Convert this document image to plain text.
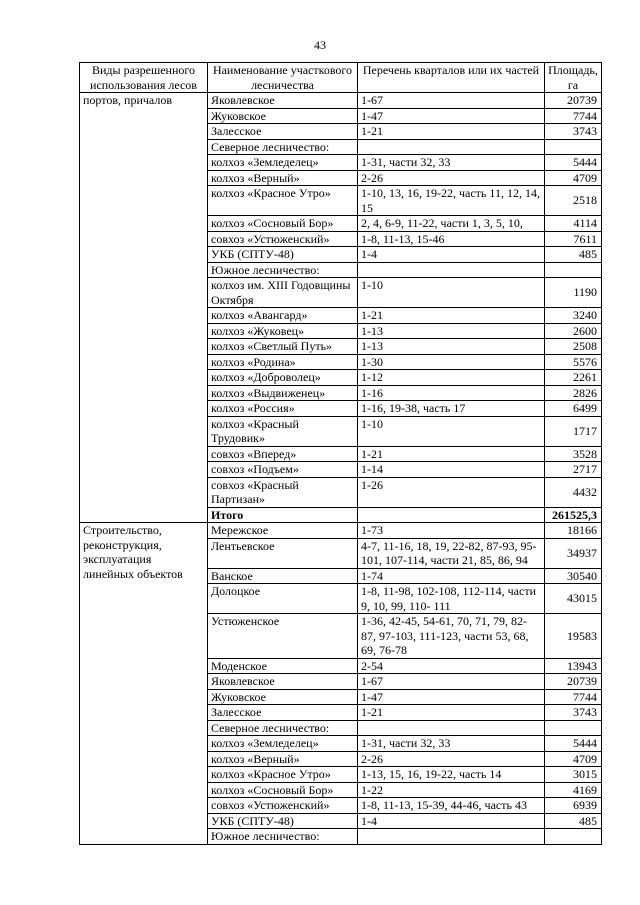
43
Виды разрешенного использования лесов	Наименование участкового лесничества	Перечень кварталов или их частей	Площадь, га
портов, причалов	Яковлевское	1-67	20739
	Жуковское	1-47	7744
	Залесское	1-21	3743
	Северное лесничество:		
	колхоз «Земледелец»	1-31, части 32, 33	5444
	колхоз «Верный»	2-26	4709
	колхоз «Красное Утро»	1-10, 13, 16, 19-22, часть 11, 12, 14, 15	2518
	колхоз «Сосновый Бор»	2, 4, 6-9, 11-22, части 1, 3, 5, 10,	4114
	совхоз «Устюженский»	1-8, 11-13, 15-46	7611
	УКБ (СПТУ-48)	1-4	485
	Южное лесничество:		
	колхоз им. XIII Годовщины Октября	1-10	1190
	колхоз «Авангард»	1-21	3240
	колхоз «Жуковец»	1-13	2600
	колхоз «Светлый Путь»	1-13	2508
	колхоз «Родина»	1-30	5576
	колхоз «Доброволец»	1-12	2261
	колхоз «Выдвиженец»	1-16	2826
	колхоз «Россия»	1-16, 19-38, часть 17	6499
	колхоз «Красный Трудовик»	1-10	1717
	совхоз «Вперед»	1-21	3528
	совхоз «Подъем»	1-14	2717
	совхоз «Красный Партизан»	1-26	4432
	Итого		261525,3
Строительство, реконструкция, эксплуатация линейных объектов	Мережское	1-73	18166
	Лентьевское	4-7, 11-16, 18, 19, 22-82, 87-93, 95-101, 107-114, части 21, 85, 86, 94	34937
	Ванское	1-74	30540
	Долоцкое	1-8, 11-98, 102-108, 112-114, части 9, 10, 99, 110- 111	43015
	Устюженское	1-36, 42-45, 54-61, 70, 71, 79, 82-87, 97-103, 111-123, части 53, 68, 69, 76-78	19583
	Моденское	2-54	13943
	Яковлевское	1-67	20739
	Жуковское	1-47	7744
	Залесское	1-21	3743
	Северное лесничество:		
	колхоз «Земледелец»	1-31, части 32, 33	5444
	колхоз «Верный»	2-26	4709
	колхоз «Красное Утро»	1-13, 15, 16, 19-22, часть 14	3015
	колхоз «Сосновый Бор»	1-22	4169
	совхоз «Устюженский»	1-8, 11-13, 15-39, 44-46, часть 43	6939
	УКБ (СПТУ-48)	1-4	485
	Южное лесничество:		
